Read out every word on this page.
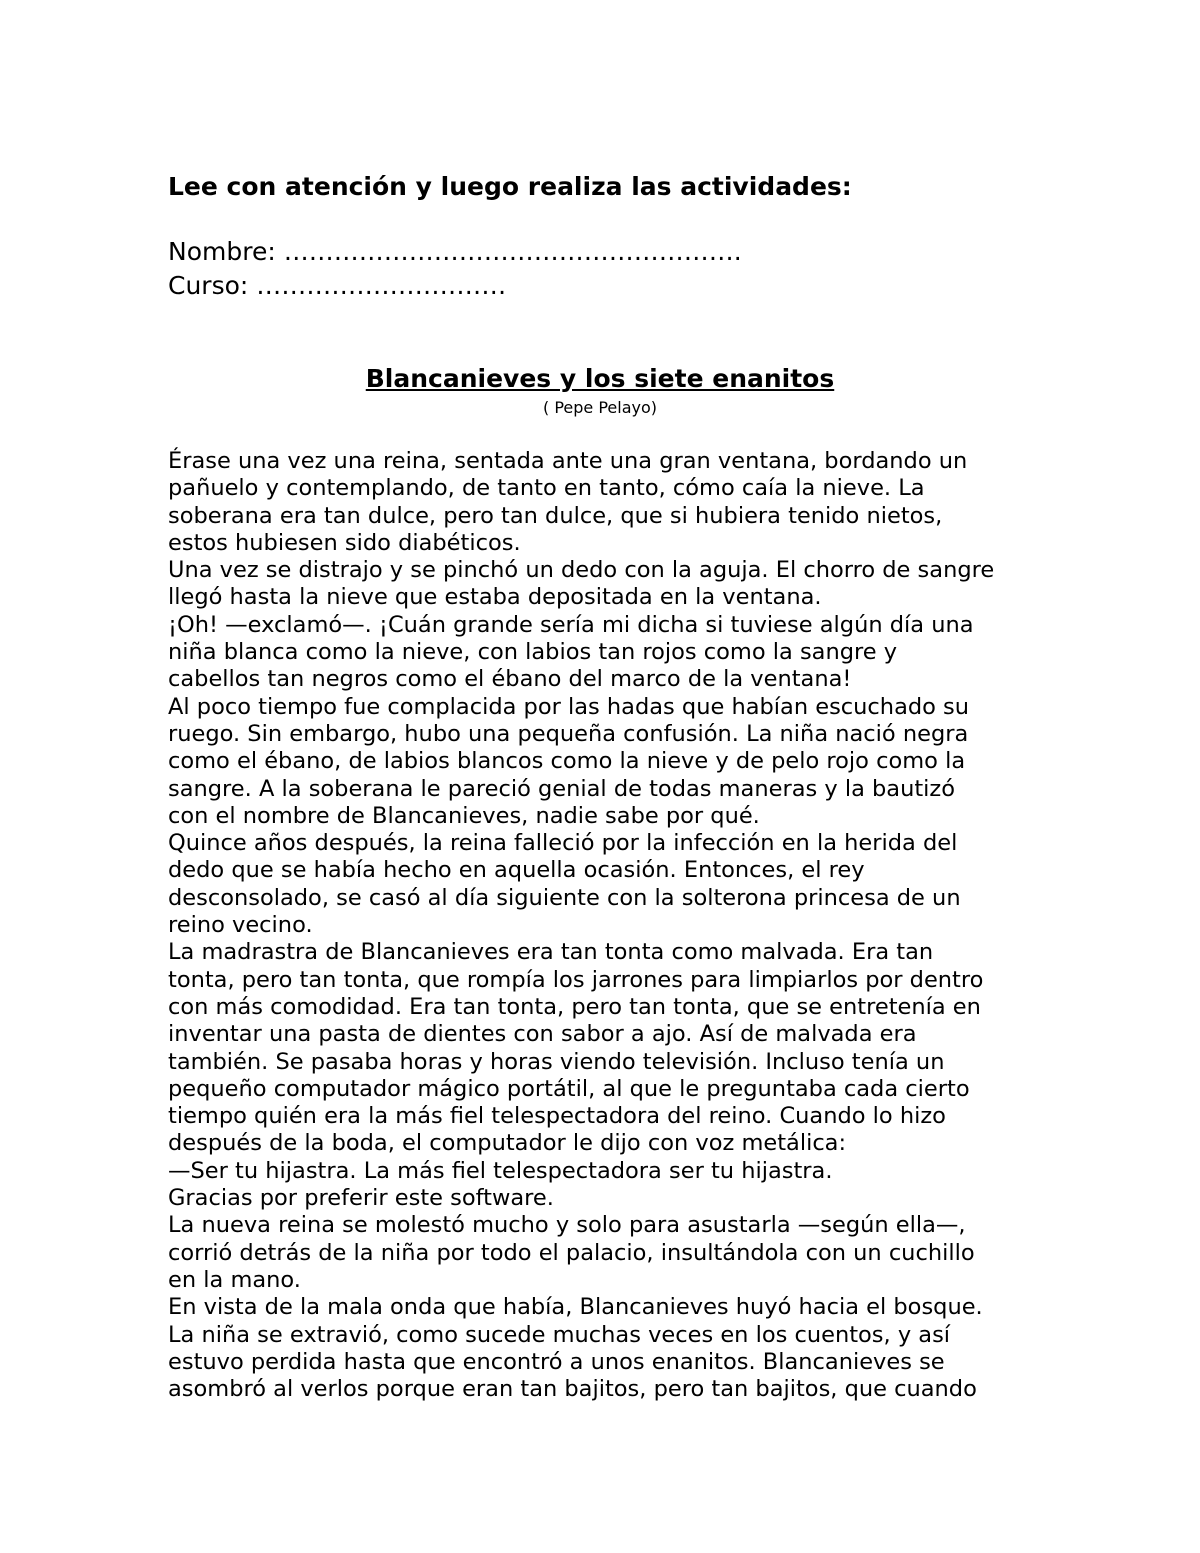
Lee con atención y luego realiza las actividades:
Nombre: ……………………………………………….
Curso: …………………………
Blancanieves y los siete enanitos
( Pepe Pelayo)
Érase una vez una reina, sentada ante una gran ventana, bordando un
pañuelo y contemplando, de tanto en tanto, cómo caía la nieve. La
soberana era tan dulce, pero tan dulce, que si hubiera tenido nietos,
estos hubiesen sido diabéticos.
Una vez se distrajo y se pinchó un dedo con la aguja. El chorro de sangre
llegó hasta la nieve que estaba depositada en la ventana.
¡Oh! —exclamó—. ¡Cuán grande sería mi dicha si tuviese algún día una
niña blanca como la nieve, con labios tan rojos como la sangre y
cabellos tan negros como el ébano del marco de la ventana!
Al poco tiempo fue complacida por las hadas que habían escuchado su
ruego. Sin embargo, hubo una pequeña confusión. La niña nació negra
como el ébano, de labios blancos como la nieve y de pelo rojo como la
sangre. A la soberana le pareció genial de todas maneras y la bautizó
con el nombre de Blancanieves, nadie sabe por qué.
Quince años después, la reina falleció por la infección en la herida del
dedo que se había hecho en aquella ocasión. Entonces, el rey
desconsolado, se casó al día siguiente con la solterona princesa de un
reino vecino.
La madrastra de Blancanieves era tan tonta como malvada. Era tan
tonta, pero tan tonta, que rompía los jarrones para limpiarlos por dentro
con más comodidad. Era tan tonta, pero tan tonta, que se entretenía en
inventar una pasta de dientes con sabor a ajo. Así de malvada era
también. Se pasaba horas y horas viendo televisión. Incluso tenía un
pequeño computador mágico portátil, al que le preguntaba cada cierto
tiempo quién era la más fiel telespectadora del reino. Cuando lo hizo
después de la boda, el computador le dijo con voz metálica:
—Ser tu hijastra. La más fiel telespectadora ser tu hijastra.
Gracias por preferir este software.
La nueva reina se molestó mucho y solo para asustarla —según ella—,
corrió detrás de la niña por todo el palacio, insultándola con un cuchillo
en la mano.
En vista de la mala onda que había, Blancanieves huyó hacia el bosque.
La niña se extravió, como sucede muchas veces en los cuentos, y así
estuvo perdida hasta que encontró a unos enanitos. Blancanieves se
asombró al verlos porque eran tan bajitos, pero tan bajitos, que cuando
